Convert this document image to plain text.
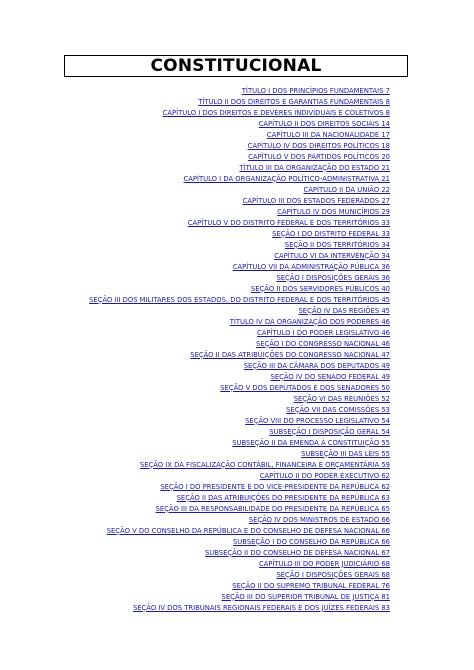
CONSTITUCIONAL
TÍTULO I DOS PRINCÍPIOS FUNDAMENTAIS 7
TÍTULO II DOS DIREITOS E GARANTIAS FUNDAMENTAIS 8
CAPÍTULO I DOS DIREITOS E DEVERES INDIVIDUAIS E COLETIVOS 8
CAPÍTULO II DOS DIREITOS SOCIAIS 14
CAPÍTULO III DA NACIONALIDADE 17
CAPÍTULO IV DOS DIREITOS POLÍTICOS 18
CAPÍTULO V DOS PARTIDOS POLÍTICOS 20
TÍTULO III DA ORGANIZAÇÃO DO ESTADO 21
CAPÍTULO I DA ORGANIZAÇÃO POLÍTICO-ADMINISTRATIVA 21
CAPÍTULO II DA UNIÃO 22
CAPÍTULO III DOS ESTADOS FEDERADOS 27
CAPÍTULO IV DOS MUNICÍPIOS 29
CAPÍTULO V DO DISTRITO FEDERAL E DOS TERRITÓRIOS 33
SEÇÃO I DO DISTRITO FEDERAL 33
SEÇÃO II DOS TERRITÓRIOS 34
CAPÍTULO VI DA INTERVENÇÃO 34
CAPÍTULO VII DA ADMINISTRAÇÃO PÚBLICA 36
SEÇÃO I DISPOSIÇÕES GERAIS 36
SEÇÃO II DOS SERVIDORES PÚBLICOS 40
SEÇÃO III DOS MILITARES DOS ESTADOS, DO DISTRITO FEDERAL E DOS TERRITÓRIOS 45
SEÇÃO IV DAS REGIÕES 45
TÍTULO IV DA ORGANIZAÇÃO DOS PODERES 46
CAPÍTULO I DO PODER LEGISLATIVO 46
SEÇÃO I DO CONGRESSO NACIONAL 46
SEÇÃO II DAS ATRIBUIÇÕES DO CONGRESSO NACIONAL 47
SEÇÃO III DA CÂMARA DOS DEPUTADOS 49
SEÇÃO IV DO SENADO FEDERAL 49
SEÇÃO V DOS DEPUTADOS E DOS SENADORES 50
SEÇÃO VI DAS REUNIÕES 52
SEÇÃO VII DAS COMISSÕES 53
SEÇÃO VIII DO PROCESSO LEGISLATIVO 54
SUBSEÇÃO I DISPOSIÇÃO GERAL 54
SUBSEÇÃO II DA EMENDA À CONSTITUIÇÃO 55
SUBSEÇÃO III DAS LEIS 55
SEÇÃO IX DA FISCALIZAÇÃO CONTÁBIL, FINANCEIRA E ORÇAMENTÁRIA 59
CAPÍTULO II DO PODER EXECUTIVO 62
SEÇÃO I DO PRESIDENTE E DO VICE-PRESIDENTE DA REPÚBLICA 62
SEÇÃO II DAS ATRIBUIÇÕES DO PRESIDENTE DA REPÚBLICA 63
SEÇÃO III DA RESPONSABILIDADE DO PRESIDENTE DA REPÚBLICA 65
SEÇÃO IV DOS MINISTROS DE ESTADO 66
SEÇÃO V DO CONSELHO DA REPÚBLICA E DO CONSELHO DE DEFESA NACIONAL 66
SUBSEÇÃO I DO CONSELHO DA REPÚBLICA 66
SUBSEÇÃO II DO CONSELHO DE DEFESA NACIONAL 67
CAPÍTULO III DO PODER JUDICIÁRIO 68
SEÇÃO I DISPOSIÇÕES GERAIS 68
SEÇÃO II DO SUPREMO TRIBUNAL FEDERAL 76
SEÇÃO III DO SUPERIOR TRIBUNAL DE JUSTIÇA 81
SEÇÃO IV DOS TRIBUNAIS REGIONAIS FEDERAIS E DOS JUÍZES FEDERAIS 83
